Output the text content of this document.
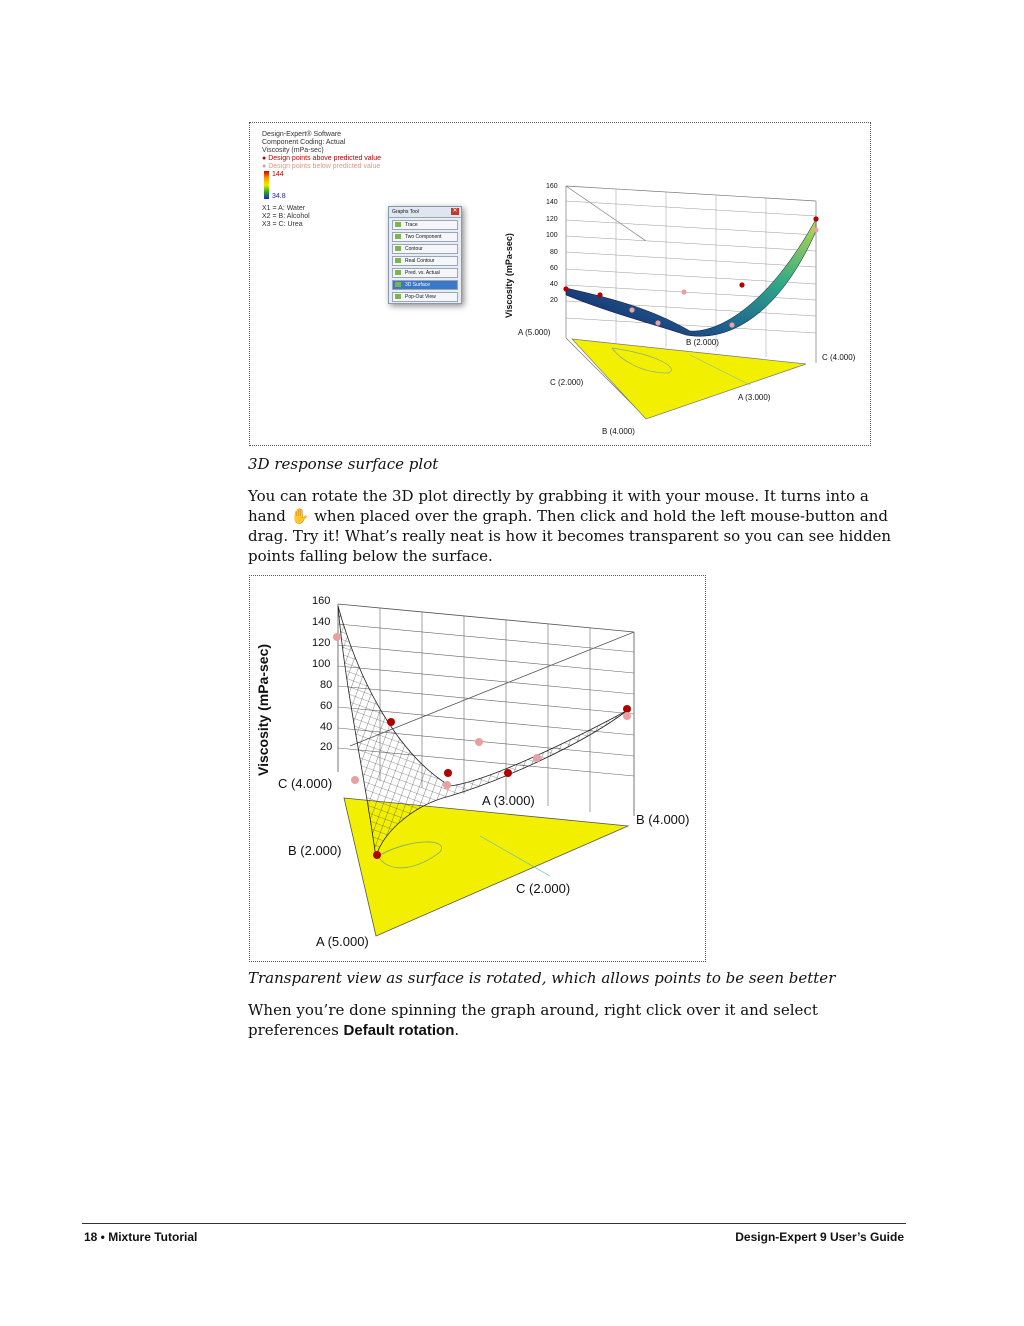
Design-Expert® Software
Component Coding: Actual
Viscosity (mPa-sec)
● Design points above predicted value
● Design points below predicted value
144
34.8
X1 = A: Water
X2 = B: Alcohol
X3 = C: Urea
Graphs Tool	✕
Trace
Two Component
Contour
Real Contour
Pred. vs. Actual
3D Surface
Pop-Out View
160
140
120
100
80
60
40
20
Viscosity (mPa-sec)
A (5.000)
B (2.000)
C (4.000)
C (2.000)
A (3.000)
B (4.000)
3D response surface plot
You can rotate the 3D plot directly by grabbing it with your mouse. It turns into a hand ✋ when placed over the graph. Then click and hold the left mouse-button and drag. Try it! What’s really neat is how it becomes transparent so you can see hidden points falling below the surface.
160
140
120
100
80
60
40
20
Viscosity (mPa-sec)
C (4.000)
A (3.000)
B (4.000)
B (2.000)
C (2.000)
A (5.000)
Transparent view as surface is rotated, which allows points to be seen better
When you’re done spinning the graph around, right click over it and select preferences Default rotation.
18 • Mixture Tutorial	Design-Expert 9 User’s Guide
